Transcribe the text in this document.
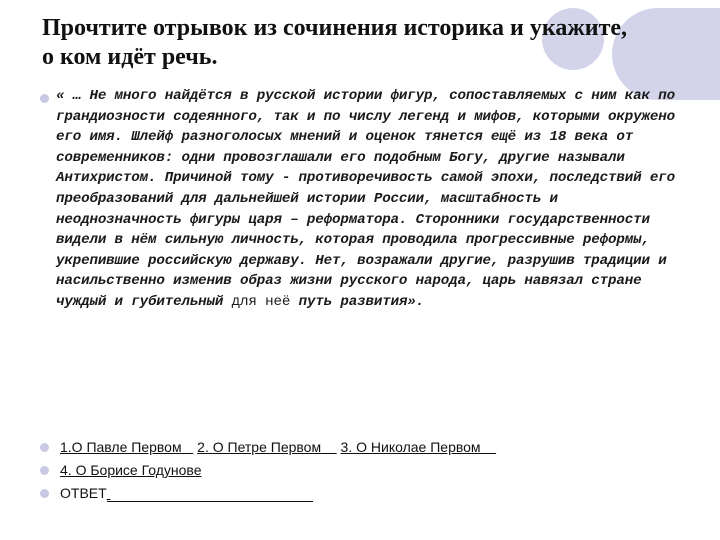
Прочтите отрывок из сочинения историка и укажите, о ком идёт речь.
« … Не много найдётся в русской истории фигур, сопоставляемых с ним как по грандиозности содеянного, так и по числу легенд и мифов, которыми окружено его имя. Шлейф разноголосых мнений и оценок тянется ещё из 18 века от современников: одни провозглашали его подобным Богу, другие называли Антихристом. Причиной тому - противоречивость самой эпохи, последствий его преобразований для дальнейшей истории России, масштабность и неоднозначность фигуры царя – реформатора. Сторонники государственности видели в нём сильную личность, которая проводила прогрессивные реформы, укрепившие российскую державу. Нет, возражали другие, разрушив традиции и насильственно изменив образ жизни русского народа, царь навязал стране чуждый и губительный для неё путь развития».
1.О Павле Первом 2. О Петре Первом 3. О Николае Первом
4. О Борисе Годунове
ОТВЕТ
